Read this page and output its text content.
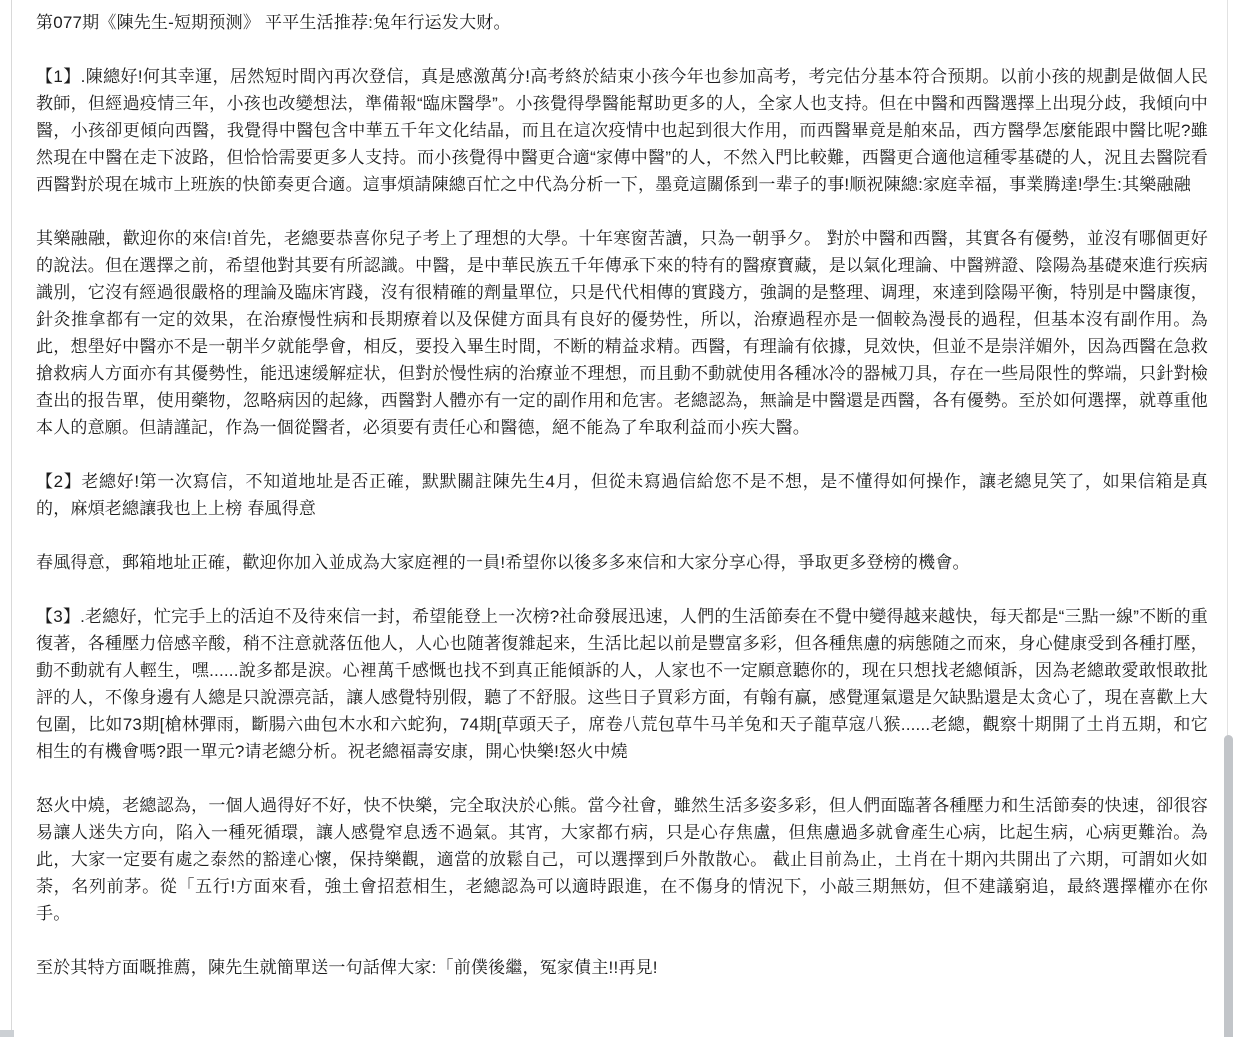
第077期《陳先生-短期预测》 平平生活推荐:兔年行运发大财。

【1】.陳總好!何其幸運，居然短时間內再次登信，真是感激萬分!高考終於結束小孩今年也参加高考，考完估分基本符合预期。以前小孩的规劃是做個人民教師，但經過疫情三年，小孩也改變想法，準備報“臨床醫學”。小孩覺得學醫能幫助更多的人，全家人也支持。但在中醫和西醫選擇上出現分歧，我傾向中醫，小孩卻更傾向西醫，我覺得中醫包含中華五千年文化结晶，而且在這次疫情中也起到很大作用，而西醫畢竟是舶來品，西方醫學怎麼能跟中醫比呢?雖然現在中醫在走下波路，但恰恰需要更多人支持。而小孩覺得中醫更合適“家傳中醫”的人，不然入門比較難，西醫更合適他這種零基礎的人，況且去醫院看西醫對於現在城市上班族的快節奏更合適。這事煩請陳總百忙之中代為分析一下，墨竟這關係到一辈子的事!顺祝陳總:家庭幸福，事業腾達!學生:其樂融融

其樂融融，歡迎你的來信!首先，老總要恭喜你兒子考上了理想的大學。十年寒窗苦讀，只為一朝爭夕。 對於中醫和西醫，其實各有優勢，並沒有哪個更好的說法。但在選擇之前，希望他對其要有所認識。中醫，是中華民族五千年傳承下來的特有的醫療寶藏，是以氣化理論、中醫辨證、陰陽為基礎來進行疾病識別，它沒有經過很嚴格的理論及臨床宵踐，沒有很精確的劑量單位，只是代代相傳的實踐方，強調的是整理、调理，來達到陰陽平衡，特別是中醫康復，針灸推拿都有一定的效果，在治療慢性病和長期療着以及保健方面具有良好的優势性，所以，治療過程亦是一個較為漫長的過程，但基本沒有副作用。為此，想壆好中醫亦不是一朝半夕就能學會，相反，要投入畢生时間，不断的精益求精。西醫，有理論有依據，見效快，但並不是崇洋媚外，因為西醫在急救搶救病人方面亦有其優勢性，能迅速缓解症状，但對於慢性病的治療並不理想，而且動不動就使用各種冰冷的器械刀具，存在一些局限性的弊端，只針對檢查出的报告單，使用藥物，忽略病因的起緣，西醫對人體亦有一定的副作用和危害。老總認為，無論是中醫還是西醫，各有優勢。至於如何選擇，就尊重他本人的意願。但請謹記，作為一個從醫者，必須要有责任心和醫德，絕不能為了牟取利益而小疾大醫。

【2】老總好!第一次寫信，不知道地址是否正確，默默關註陳先生4月，但從未寫過信給您不是不想，是不懂得如何操作，讓老總見笑了，如果信箱是真的，麻煩老總讓我也上上榜 春風得意

春風得意，郵箱地址正確，歡迎你加入並成為大家庭裡的一員!希望你以後多多來信和大家分享心得，爭取更多登榜的機會。

【3】.老總好，忙完手上的活迫不及待來信一封，希望能登上一次榜?社命發展迅速，人們的生活節奏在不覺中變得越来越快，每天都是“三點一線”不断的重復著，各種壓力倍感辛酸，稍不注意就落伍他人，人心也随著復雜起来，生活比起以前是豐富多彩，但各種焦慮的病態随之而來，身心健康受到各種打壓，動不動就有人輕生，嘿......說多都是淚。心裡萬千感慨也找不到真正能傾訴的人，人家也不一定願意聽你的，现在只想找老總傾訴，因為老總敢愛敢恨敢批評的人，不像身邊有人總是只說漂亮話，讓人感覺特别假，聽了不舒服。这些日子買彩方面，有翰有赢，感覺運氣還是欠缺點還是太贪心了，現在喜歡上大包圍，比如73期[槍林彈雨，斷腸六曲包木水和六蛇狗，74期[草頭天子，席卷八荒包草牛马羊兔和天子龍草寇八猴......老總，觀察十期開了土肖五期，和它相生的有機會嗎?跟一單元?请老總分析。祝老總福壽安康，開心快樂!怒火中燒

怒火中燒，老總認為，一個人過得好不好，快不快樂，完全取決於心熊。當今社會，雖然生活多姿多彩，但人們面臨著各種壓力和生活節奏的快速，卻很容易讓人迷失方向，陷入一種死循環，讓人感覺窄息透不過氣。其宵，大家都冇病，只是心存焦盧，但焦慮過多就會產生心病，比起生病，心病更難治。為此，大家一定要有處之泰然的豁達心懷，保持樂觀，適當的放鬆自己，可以選擇到戶外散散心。 截止目前為止，土肖在十期內共開出了六期，可謂如火如荼，名列前茅。從「五行!方面來看，強土會招惹相生，老總認為可以適時跟進，在不傷身的情況下，小敲三期無妨，但不建議窮追，最終選擇權亦在你手。

至於其特方面嘅推薦，陳先生就簡單送一句話俾大家:「前僕後繼，冤家債主!!再見!
